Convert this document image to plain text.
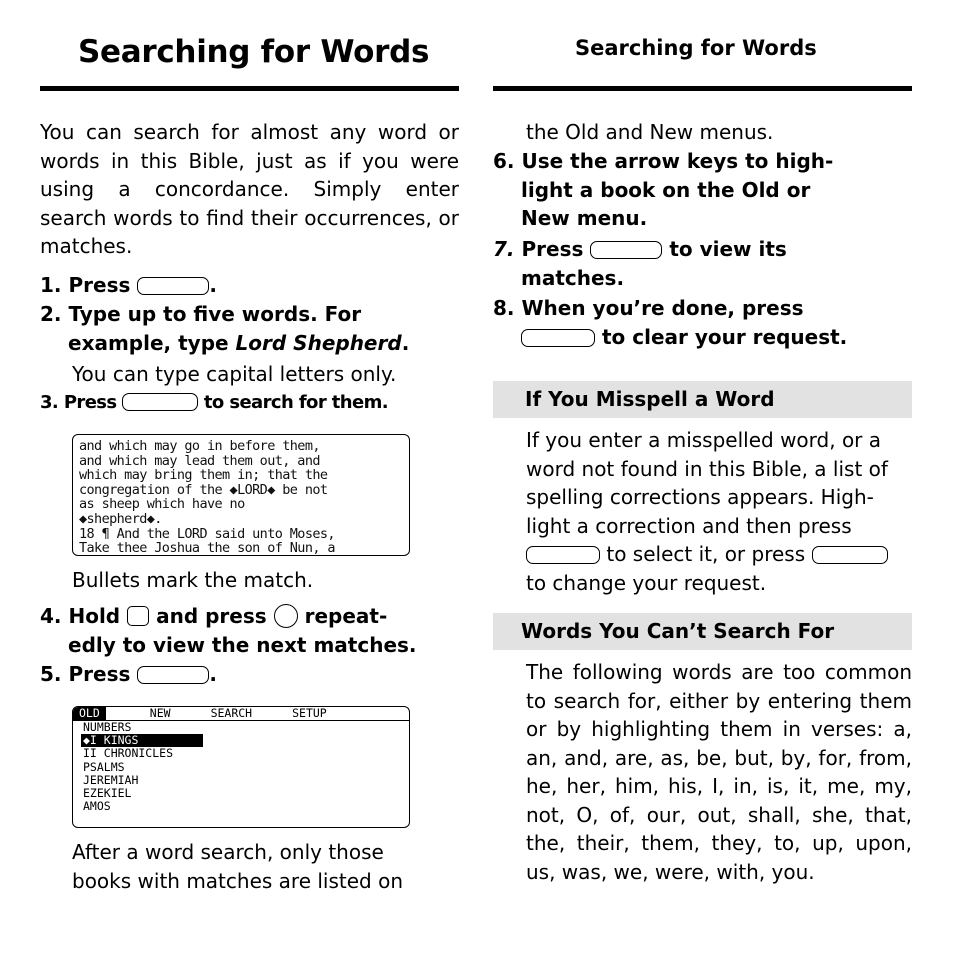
Searching for Words	Searching for Words
You can search for almost any word or words in this Bible, just as if you were using a concordance. Simply enter search words to find their occurrences, or matches.
1. Press	.
2. Type up to five words. For
example, type Lord Shepherd.
You can type capital letters only.
3. Press	to search for them.
and which may go in before them,
and which may lead them out, and
which may bring them in; that the
congregation of the ◆LORD◆ be not
as sheep which have no
◆shepherd◆.
18 ¶ And the LORD said unto Moses,
Take thee Joshua the son of Nun, a
Bullets mark the match.
4. Hold and press repeat-
edly to view the next matches.
5. Press	.
OLD	NEW	SEARCH	SETUP
NUMBERS
◆I KINGS
II CHRONICLES
PSALMS
JEREMIAH
EZEKIEL
AMOS
After a word search, only those
books with matches are listed on
the Old and New menus.
6. Use the arrow keys to high-
light a book on the Old or
New menu.
7. Press	to view its
matches.
8. When you’re done, press
to clear your request.
If You Misspell a Word
If you enter a misspelled word, or a
word not found in this Bible, a list of
spelling corrections appears. High-
light a correction and then press
to select it, or press
to change your request.
Words You Can’t Search For
The following words are too common to search for, either by entering them or by highlighting them in verses: a, an, and, are, as, be, but, by, for, from, he, her, him, his, I, in, is, it, me, my, not, O, of, our, out, shall, she, that, the, their, them, they, to, up, upon, us, was, we, were, with, you.
